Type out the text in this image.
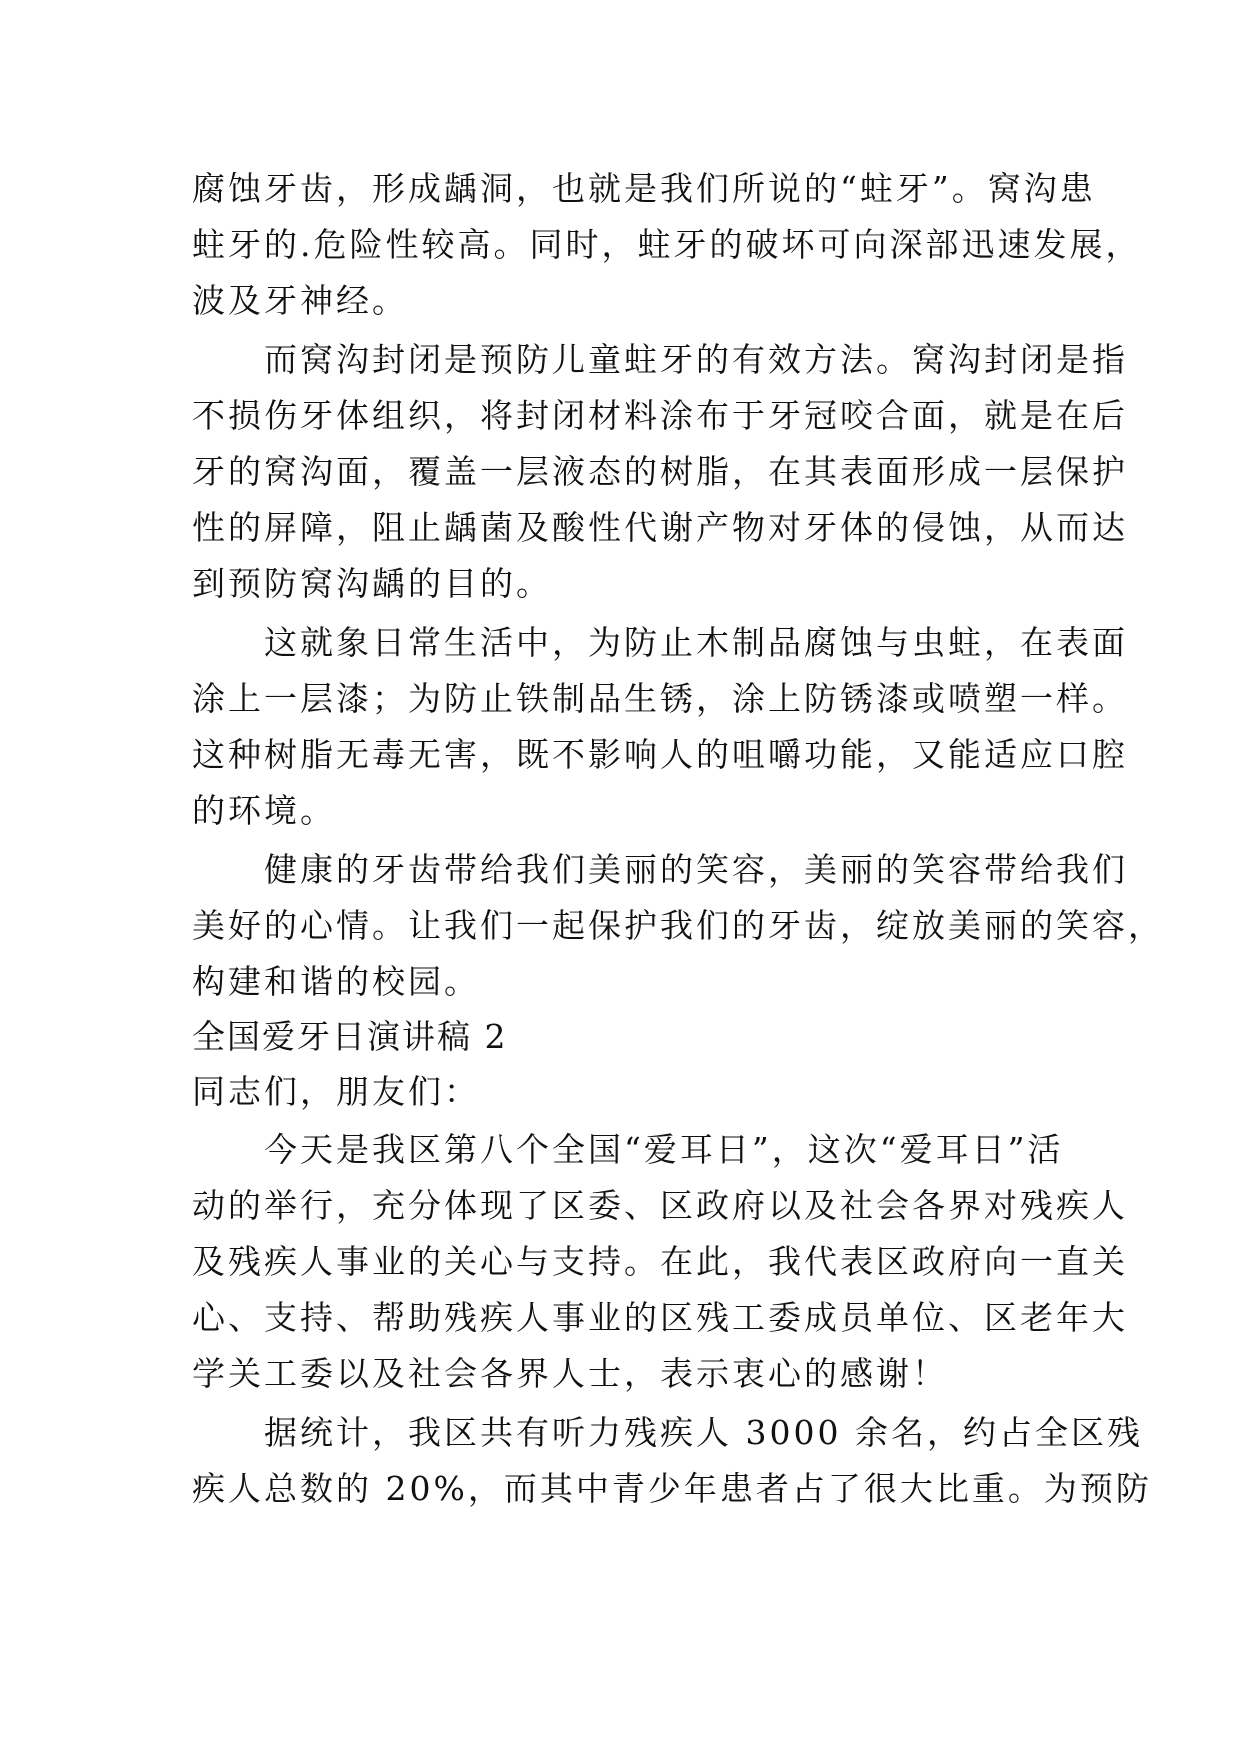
腐蚀牙齿，形成龋洞，也就是我们所说的“蛀牙”。窝沟患
蛀牙的.危险性较高。同时，蛀牙的破坏可向深部迅速发展，
波及牙神经。
　　而窝沟封闭是预防儿童蛀牙的有效方法。窝沟封闭是指
不损伤牙体组织，将封闭材料涂布于牙冠咬合面，就是在后
牙的窝沟面，覆盖一层液态的树脂，在其表面形成一层保护
性的屏障，阻止龋菌及酸性代谢产物对牙体的侵蚀，从而达
到预防窝沟龋的目的。
　　这就象日常生活中，为防止木制品腐蚀与虫蛀，在表面
涂上一层漆；为防止铁制品生锈，涂上防锈漆或喷塑一样。
这种树脂无毒无害，既不影响人的咀嚼功能，又能适应口腔
的环境。
　　健康的牙齿带给我们美丽的笑容，美丽的笑容带给我们
美好的心情。让我们一起保护我们的牙齿，绽放美丽的笑容，
构建和谐的校园。
全国爱牙日演讲稿 2
同志们，朋友们：
　　今天是我区第八个全国“爱耳日”，这次“爱耳日”活
动的举行，充分体现了区委、区政府以及社会各界对残疾人
及残疾人事业的关心与支持。在此，我代表区政府向一直关
心、支持、帮助残疾人事业的区残工委成员单位、区老年大
学关工委以及社会各界人士，表示衷心的感谢！
　　据统计，我区共有听力残疾人 3000 余名，约占全区残
疾人总数的 20%，而其中青少年患者占了很大比重。为预防
